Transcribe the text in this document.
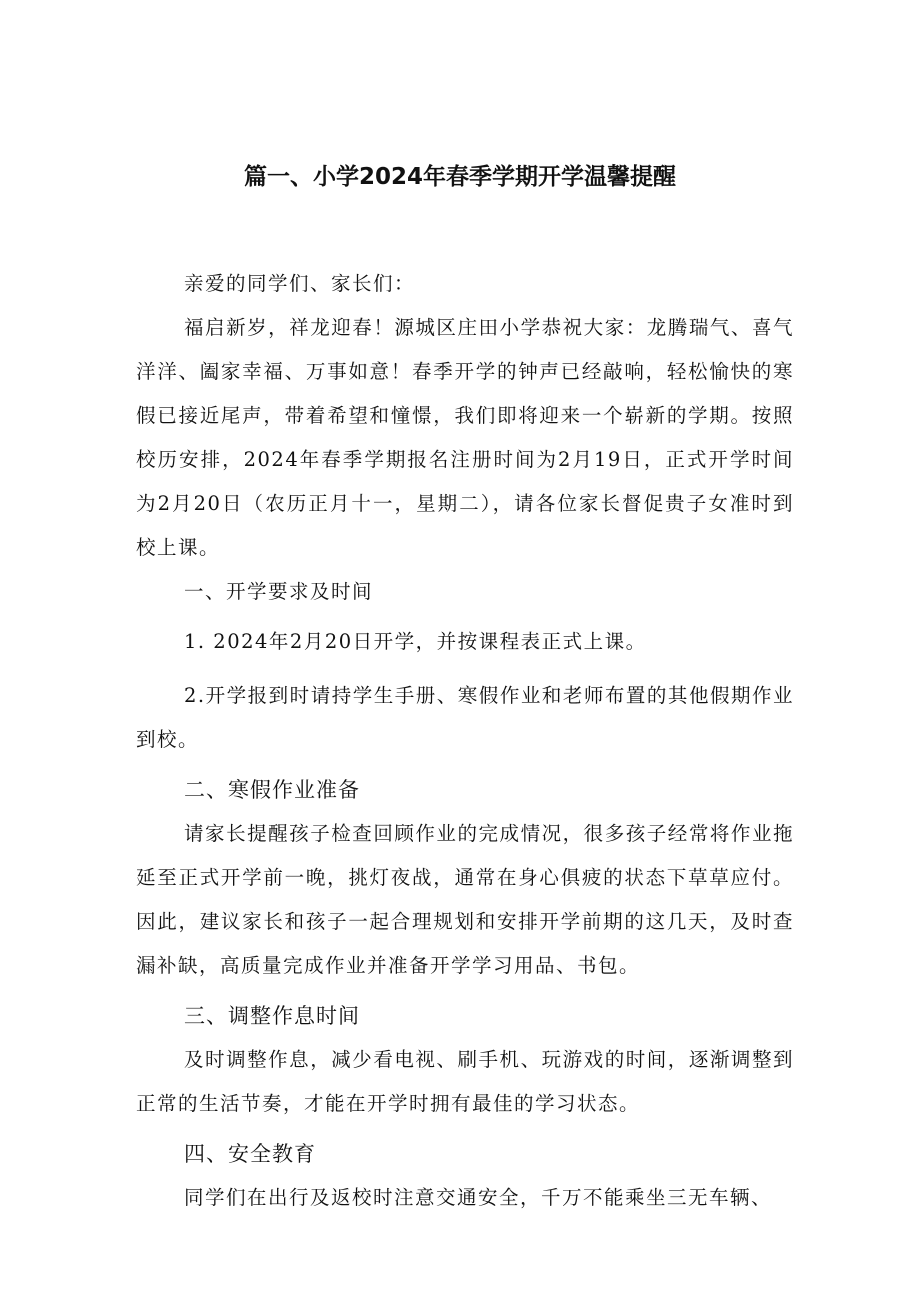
篇一、小学2024年春季学期开学温馨提醒

亲爱的同学们、家长们：

福启新岁，祥龙迎春！源城区庄田小学恭祝大家：龙腾瑞气、喜气洋洋、阖家幸福、万事如意！春季开学的钟声已经敲响，轻松愉快的寒假已接近尾声，带着希望和憧憬，我们即将迎来一个崭新的学期。按照校历安排，2024年春季学期报名注册时间为2月19日，正式开学时间为2月20日（农历正月十一，星期二），请各位家长督促贵子女准时到校上课。

一、开学要求及时间

1. 2024年2月20日开学，并按课程表正式上课。

2.开学报到时请持学生手册、寒假作业和老师布置的其他假期作业到校。

二、寒假作业准备

请家长提醒孩子检查回顾作业的完成情况，很多孩子经常将作业拖延至正式开学前一晚，挑灯夜战，通常在身心俱疲的状态下草草应付。因此，建议家长和孩子一起合理规划和安排开学前期的这几天，及时查漏补缺，高质量完成作业并准备开学学习用品、书包。

三、调整作息时间

及时调整作息，减少看电视、刷手机、玩游戏的时间，逐渐调整到正常的生活节奏，才能在开学时拥有最佳的学习状态。

四、安全教育

同学们在出行及返校时注意交通安全，千万不能乘坐三无车辆、
